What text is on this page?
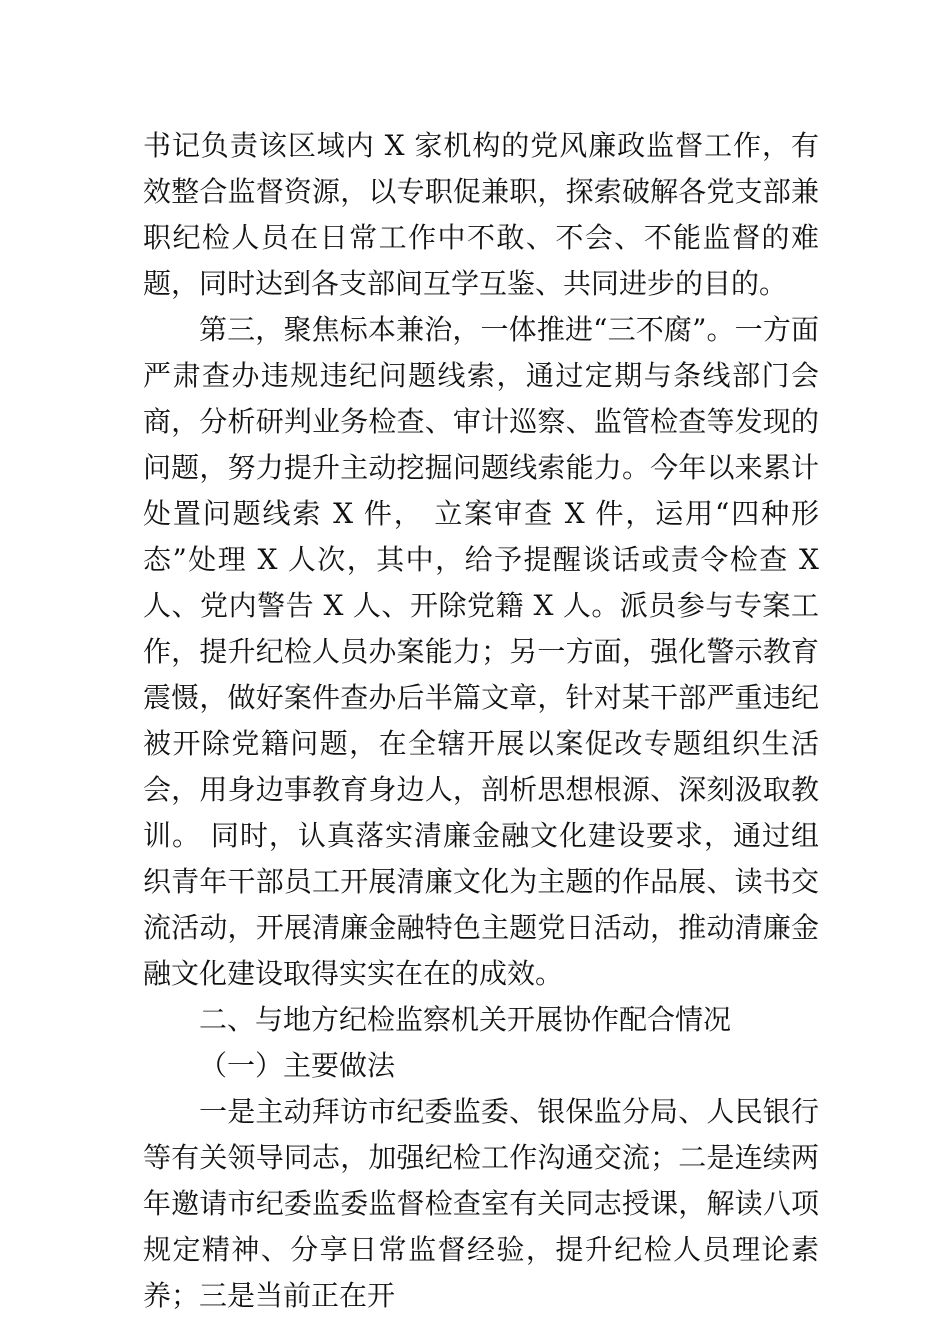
书记负责该区域内 X 家机构的党风廉政监督工作，有效整合监督资源，以专职促兼职，探索破解各党支部兼职纪检人员在日常工作中不敢、不会、不能监督的难题，同时达到各支部间互学互鉴、共同进步的目的。

第三，聚焦标本兼治，一体推进“三不腐”。一方面严肃查办违规违纪问题线索，通过定期与条线部门会商，分析研判业务检查、审计巡察、监管检查等发现的问题，努力提升主动挖掘问题线索能力。今年以来累计处置问题线索 X 件， 立案审查 X 件，运用“四种形态”处理 X 人次，其中，给予提醒谈话或责令检查 X 人、党内警告 X 人、开除党籍 X 人。派员参与专案工作，提升纪检人员办案能力；另一方面，强化警示教育震慑，做好案件查办后半篇文章，针对某干部严重违纪被开除党籍问题，在全辖开展以案促改专题组织生活会，用身边事教育身边人，剖析思想根源、深刻汲取教训。 同时，认真落实清廉金融文化建设要求，通过组织青年干部员工开展清廉文化为主题的作品展、读书交流活动，开展清廉金融特色主题党日活动，推动清廉金融文化建设取得实实在在的成效。

二、与地方纪检监察机关开展协作配合情况

（一）主要做法

一是主动拜访市纪委监委、银保监分局、人民银行等有关领导同志，加强纪检工作沟通交流；二是连续两年邀请市纪委监委监督检查室有关同志授课，解读八项规定精神、分享日常监督经验，提升纪检人员理论素养；三是当前正在开
